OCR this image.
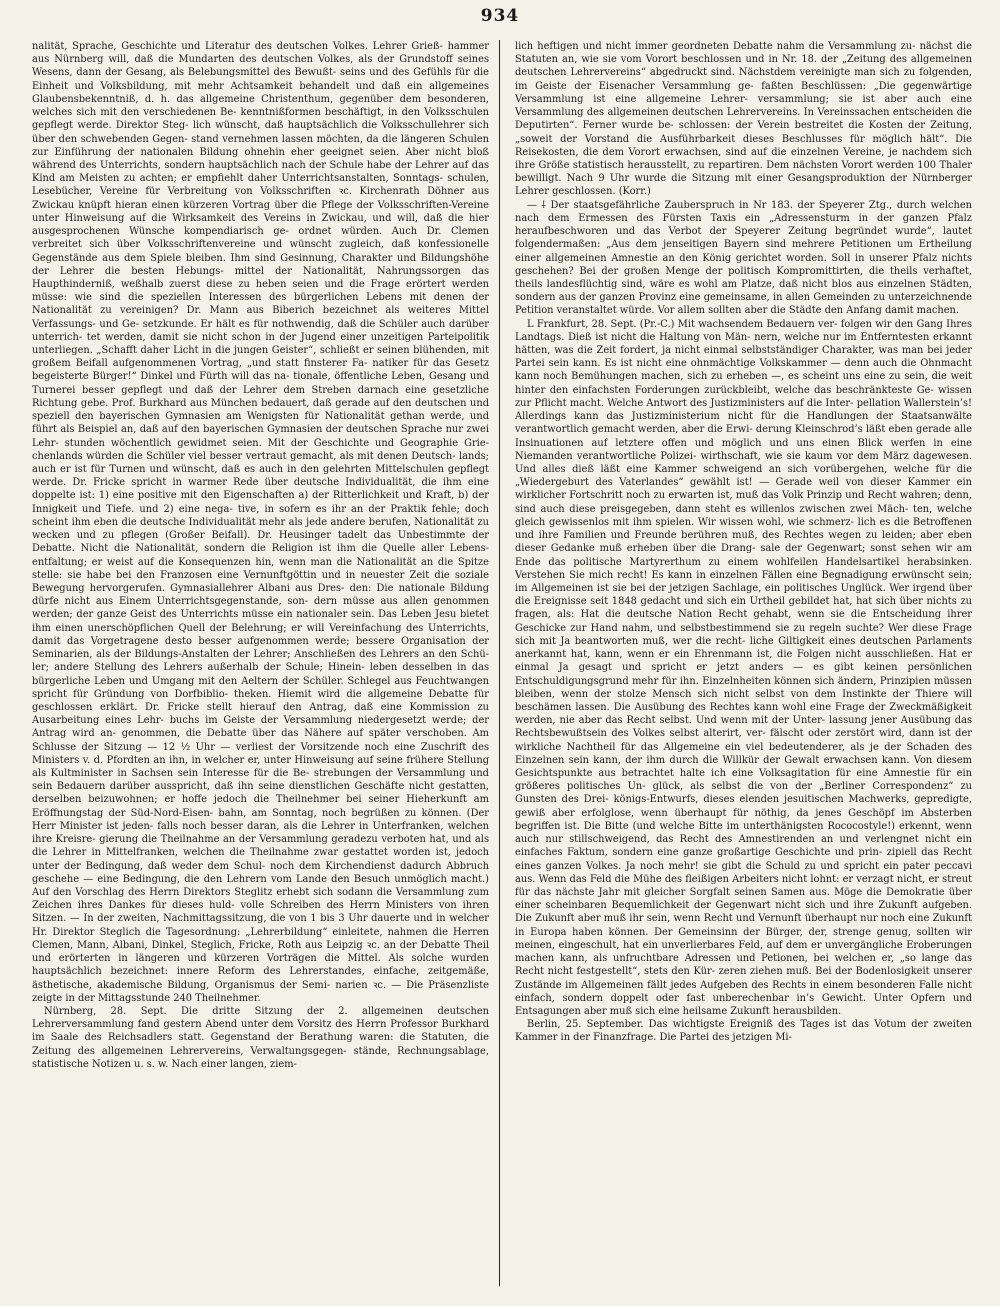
934

nalität, Sprache, Geschichte und Literatur des deutschen Volkes. Lehrer Grieß- hammer aus Nürnberg will, daß die Mundarten des deutschen Volkes, als der Grundstoff seines Wesens, dann der Gesang, als Belebungsmittel des Bewußt- seins und des Gefühls für die Einheit und Volksbildung, mit mehr Achtsamkeit behandelt und daß ein allgemeines Glaubensbekenntniß, d. h. das allgemeine Christenthum, gegenüber dem besonderen, welches sich mit den verschiedenen Be- kenntnißformen beschäftigt, in den Volksschulen gepflegt werde. Direktor Steg- lich wünscht, daß hauptsächlich die Volksschullehrer sich über den schwebenden Gegen- stand vernehmen lassen möchten, da die längeren Schulen zur Einführung der nationalen Bildung ohnehin eher geeignet seien. Aber nicht bloß während des Unterrichts, sondern hauptsächlich nach der Schule habe der Lehrer auf das Kind am Meisten zu achten; er empfiehlt daher Unterrichtsanstalten, Sonntags- schulen, Lesebücher, Vereine für Verbreitung von Volksschriften ꝛc. Kirchenrath Döhner aus Zwickau knüpft hieran einen kürzeren Vortrag über die Pflege der Volksschriften-Vereine unter Hinweisung auf die Wirksamkeit des Vereins in Zwickau, und will, daß die hier ausgesprochenen Wünsche kompendiarisch ge- ordnet würden. Auch Dr. Clemen verbreitet sich über Volksschriftenvereine und wünscht zugleich, daß konfessionelle Gegenstände aus dem Spiele bleiben. Ihm sind Gesinnung, Charakter und Bildungshöhe der Lehrer die besten Hebungs- mittel der Nationalität, Nahrungssorgen das Haupthinderniß, weßhalb zuerst diese zu heben seien und die Frage erörtert werden müsse: wie sind die speziellen Interessen des bürgerlichen Lebens mit denen der Nationalität zu vereinigen? Dr. Mann aus Biberich bezeichnet als weiteres Mittel Verfassungs- und Ge- setzkunde. Er hält es für nothwendig, daß die Schüler auch darüber unterrich- tet werden, damit sie nicht schon in der Jugend einer unzeitigen Parteipolitik unterliegen. „Schafft daher Licht in die jungen Geister“, schließt er seinen blühenden, mit großem Beifall aufgenommenen Vortrag, „und statt finsterer Fa- natiker für das Gesetz begeisterte Bürger!“ Dinkel und Fürth will das na- tionale, öffentliche Leben, Gesang und Turnerei besser gepflegt und daß der Lehrer dem Streben darnach eine gesetzliche Richtung gebe. Prof. Burkhard aus München bedauert, daß gerade auf den deutschen und speziell den bayerischen Gymnasien am Wenigsten für Nationalität gethan werde, und führt als Beispiel an, daß auf den bayerischen Gymnasien der deutschen Sprache nur zwei Lehr- stunden wöchentlich gewidmet seien. Mit der Geschichte und Geographie Grie- chenlands würden die Schüler viel besser vertraut gemacht, als mit denen Deutsch- lands; auch er ist für Turnen und wünscht, daß es auch in den gelehrten Mittelschulen gepflegt werde. Dr. Fricke spricht in warmer Rede über deutsche Individualität, die ihm eine doppelte ist: 1) eine positive mit den Eigenschaften a) der Ritterlichkeit und Kraft, b) der Innigkeit und Tiefe. und 2) eine nega- tive, in sofern es ihr an der Praktik fehle; doch scheint ihm eben die deutsche Individualität mehr als jede andere berufen, Nationalität zu wecken und zu pflegen (Großer Beifall). Dr. Heusinger tadelt das Unbestimmte der Debatte. Nicht die Nationalität, sondern die Religion ist ihm die Quelle aller Lebens- entfaltung; er weist auf die Konsequenzen hin, wenn man die Nationalität an die Spitze stelle: sie habe bei den Franzosen eine Vernunftgöttin und in neuester Zeit die soziale Bewegung hervorgerufen. Gymnasiallehrer Albani aus Dres- den: Die nationale Bildung dürfe nicht aus Einem Unterrichtsgegenstande, son- dern müsse aus allen genommen werden; der ganze Geist des Unterrichts müsse ein nationaler sein. Das Leben Jesu bietet ihm einen unerschöpflichen Quell der Belehrung; er will Vereinfachung des Unterrichts, damit das Vorgetragene desto besser aufgenommen werde; bessere Organisation der Seminarien, als der Bildungs-Anstalten der Lehrer; Anschließen des Lehrers an den Schü- ler; andere Stellung des Lehrers außerhalb der Schule; Hinein- leben desselben in das bürgerliche Leben und Umgang mit den Aeltern der Schüler. Schlegel aus Feuchtwangen spricht für Gründung von Dorfbiblio- theken. Hiemit wird die allgemeine Debatte für geschlossen erklärt. Dr. Fricke stellt hierauf den Antrag, daß eine Kommission zu Ausarbeitung eines Lehr- buchs im Geiste der Versammlung niedergesetzt werde; der Antrag wird an- genommen, die Debatte über das Nähere auf später verschoben. Am Schlusse der Sitzung — 12 ½ Uhr — verliest der Vorsitzende noch eine Zuschrift des Ministers v. d. Pfordten an ihn, in welcher er, unter Hinweisung auf seine frühere Stellung als Kultminister in Sachsen sein Interesse für die Be- strebungen der Versammlung und sein Bedauern darüber ausspricht, daß ihn seine dienstlichen Geschäfte nicht gestatten, derselben beizuwohnen; er hoffe jedoch die Theilnehmer bei seiner Hieherkunft am Eröffnungstag der Süd-Nord-Eisen- bahn, am Sonntag, noch begrüßen zu können. (Der Herr Minister ist jeden- falls noch besser daran, als die Lehrer in Unterfranken, welchen ihre Kreisre- gierung die Theilnahme an der Versammlung geradezu verboten hat, und als die Lehrer in Mittelfranken, welchen die Theilnahme zwar gestattet worden ist, jedoch unter der Bedingung, daß weder dem Schul- noch dem Kirchendienst dadurch Abbruch geschehe — eine Bedingung, die den Lehrern vom Lande den Besuch unmöglich macht.) Auf den Vorschlag des Herrn Direktors Steglitz erhebt sich sodann die Versammlung zum Zeichen ihres Dankes für dieses huld- volle Schreiben des Herrn Ministers von ihren Sitzen. — In der zweiten, Nachmittagssitzung, die von 1 bis 3 Uhr dauerte und in welcher Hr. Direktor Steglich die Tagesordnung: „Lehrerbildung“ einleitete, nahmen die Herren Clemen, Mann, Albani, Dinkel, Steglich, Fricke, Roth aus Leipzig ꝛc. an der Debatte Theil und erörterten in längeren und kürzeren Vorträgen die Mittel. Als solche wurden hauptsächlich bezeichnet: innere Reform des Lehrerstandes, einfache, zeitgemäße, ästhetische, akademische Bildung, Organismus der Semi- narien ꝛc. — Die Präsenzliste zeigte in der Mittagsstunde 240 Theilnehmer.

Nürnberg, 28. Sept. Die dritte Sitzung der 2. allgemeinen deutschen Lehrerversammlung fand gestern Abend unter dem Vorsitz des Herrn Professor Burkhard im Saale des Reichsadlers statt. Gegenstand der Berathung waren: die Statuten, die Zeitung des allgemeinen Lehrervereins, Verwaltungsgegen- stände, Rechnungsablage, statistische Notizen u. s. w. Nach einer langen, ziem-

lich heftigen und nicht immer geordneten Debatte nahm die Versammlung zu- nächst die Statuten an, wie sie vom Vorort beschlossen und in Nr. 18. der „Zeitung des allgemeinen deutschen Lehrervereins“ abgedruckt sind. Nächstdem vereinigte man sich zu folgenden, im Geiste der Eisenacher Versammlung ge- faßten Beschlüssen: „Die gegenwärtige Versammlung ist eine allgemeine Lehrer- versammlung; sie ist aber auch eine Versammlung des allgemeinen deutschen Lehrervereins. In Vereinssachen entscheiden die Deputirten“. Ferner wurde be- schlossen: der Verein bestreitet die Kosten der Zeitung, „soweit der Vorstand die Ausführbarkeit dieses Beschlusses für möglich hält“. Die Reisekosten, die dem Vorort erwachsen, sind auf die einzelnen Vereine, je nachdem sich ihre Größe statistisch herausstellt, zu repartiren. Dem nächsten Vorort werden 100 Thaler bewilligt. Nach 9 Uhr wurde die Sitzung mit einer Gesangsproduktion der Nürnberger Lehrer geschlossen. (Korr.)

— ⸸ Der staatsgefährliche Zauberspruch in Nr 183. der Speyerer Ztg., durch welchen nach dem Ermessen des Fürsten Taxis ein „Adressensturm in der ganzen Pfalz heraufbeschworen und das Verbot der Speyerer Zeitung begründet wurde“, lautet folgendermaßen: „Aus dem jenseitigen Bayern sind mehrere Petitionen um Ertheilung einer allgemeinen Amnestie an den König gerichtet worden. Soll in unserer Pfalz nichts geschehen? Bei der großen Menge der politisch Kompromittirten, die theils verhaftet, theils landesflüchtig sind, wäre es wohl am Platze, daß nicht blos aus einzelnen Städten, sondern aus der ganzen Provinz eine gemeinsame, in allen Gemeinden zu unterzeichnende Petition veranstaltet würde. Vor allem sollten aber die Städte den Anfang damit machen.

L Frankfurt, 28. Sept. (Pr.-C.) Mit wachsendem Bedauern ver- folgen wir den Gang Ihres Landtags. Dieß ist nicht die Haltung von Män- nern, welche nur im Entferntesten erkannt hätten, was die Zeit fordert, ja nicht einmal selbstständiger Charakter, was man bei jeder Partei sein kann. Es ist nicht eine ohnmächtige Volkskammer — denn auch die Ohnmacht kann noch Bemühungen machen, sich zu erheben —, es scheint uns eine zu sein, die weit hinter den einfachsten Forderungen zurückbleibt, welche das beschränkteste Ge- wissen zur Pflicht macht. Welche Antwort des Justizministers auf die Inter- pellation Wallerstein’s! Allerdings kann das Justizministerium nicht für die Handlungen der Staatsanwälte verantwortlich gemacht werden, aber die Erwi- derung Kleinschrod’s läßt eben gerade alle Insinuationen auf letztere offen und möglich und uns einen Blick werfen in eine Niemanden verantwortliche Polizei- wirthschaft, wie sie kaum vor dem März dagewesen. Und alles dieß läßt eine Kammer schweigend an sich vorübergehen, welche für die „Wiedergeburt des Vaterlandes“ gewählt ist! — Gerade weil von dieser Kammer ein wirklicher Fortschritt noch zu erwarten ist, muß das Volk Prinzip und Recht wahren; denn, sind auch diese preisgegeben, dann steht es willenlos zwischen zwei Mäch- ten, welche gleich gewissenlos mit ihm spielen. Wir wissen wohl, wie schmerz- lich es die Betroffenen und ihre Familien und Freunde berühren muß, des Rechtes wegen zu leiden; aber eben dieser Gedanke muß erheben über die Drang- sale der Gegenwart; sonst sehen wir am Ende das politische Martyrerthum zu einem wohlfeilen Handelsartikel herabsinken. Verstehen Sie mich recht! Es kann in einzelnen Fällen eine Begnadigung erwünscht sein; im Allgemeinen ist sie bei der jetzigen Sachlage, ein politisches Unglück. Wer irgend über die Ereignisse seit 1848 gedacht und sich ein Urtheil gebildet hat, hat sich über nichts zu fragen, als: Hat die deutsche Nation Recht gehabt, wenn sie die Entscheidung ihrer Geschicke zur Hand nahm, und selbstbestimmend sie zu regeln suchte? Wer diese Frage sich mit Ja beantworten muß, wer die recht- liche Giltigkeit eines deutschen Parlaments anerkannt hat, kann, wenn er ein Ehrenmann ist, die Folgen nicht ausschließen. Hat er einmal Ja gesagt und spricht er jetzt anders — es gibt keinen persönlichen Entschuldigungsgrund mehr für ihn. Einzelnheiten können sich ändern, Prinzipien müssen bleiben, wenn der stolze Mensch sich nicht selbst von dem Instinkte der Thiere will beschämen lassen. Die Ausübung des Rechtes kann wohl eine Frage der Zweckmäßigkeit werden, nie aber das Recht selbst. Und wenn mit der Unter- lassung jener Ausübung das Rechtsbewußtsein des Volkes selbst alterirt, ver- fälscht oder zerstört wird, dann ist der wirkliche Nachtheil für das Allgemeine ein viel bedeutenderer, als je der Schaden des Einzelnen sein kann, der ihm durch die Willkür der Gewalt erwachsen kann. Von diesem Gesichtspunkte aus betrachtet halte ich eine Volksagitation für eine Amnestie für ein größeres politisches Un- glück, als selbst die von der „Berliner Correspondenz“ zu Gunsten des Drei- königs-Entwurfs, dieses elenden jesuitischen Machwerks, gepredigte, gewiß aber erfolglose, wenn überhaupt für nöthig, da jenes Geschöpf im Absterben begriffen ist. Die Bitte (und welche Bitte im unterthänigsten Rococostyle!) erkennt, wenn auch nur stillschweigend, das Recht des Amnestirenden an und verlengnet nicht ein einfaches Faktum, sondern eine ganze großartige Geschichte und prin- zipiell das Recht eines ganzen Volkes. Ja noch mehr! sie gibt die Schuld zu und spricht ein pater peccavi aus. Wenn das Feld die Mühe des fleißigen Arbeiters nicht lohnt: er verzagt nicht, er streut für das nächste Jahr mit gleicher Sorgfalt seinen Samen aus. Möge die Demokratie über einer scheinbaren Bequemlichkeit der Gegenwart nicht sich und ihre Zukunft aufgeben. Die Zukunft aber muß ihr sein, wenn Recht und Vernunft überhaupt nur noch eine Zukunft in Europa haben können. Der Gemeinsinn der Bürger, der, strenge genug, sollten wir meinen, eingeschult, hat ein unverlierbares Feld, auf dem er unvergängliche Eroberungen machen kann, als unfruchtbare Adressen und Petionen, bei welchen er, „so lange das Recht nicht festgestellt“, stets den Kür- zeren ziehen muß. Bei der Bodenlosigkeit unserer Zustände im Allgemeinen fällt jedes Aufgeben des Rechts in einem besonderen Falle nicht einfach, sondern doppelt oder fast unberechenbar in’s Gewicht. Unter Opfern und Entsagungen aber muß sich eine heilsame Zukunft herausbilden.

Berlin, 25. September. Das wichtigste Ereigniß des Tages ist das Votum der zweiten Kammer in der Finanzfrage. Die Partei des jetzigen Mi-
